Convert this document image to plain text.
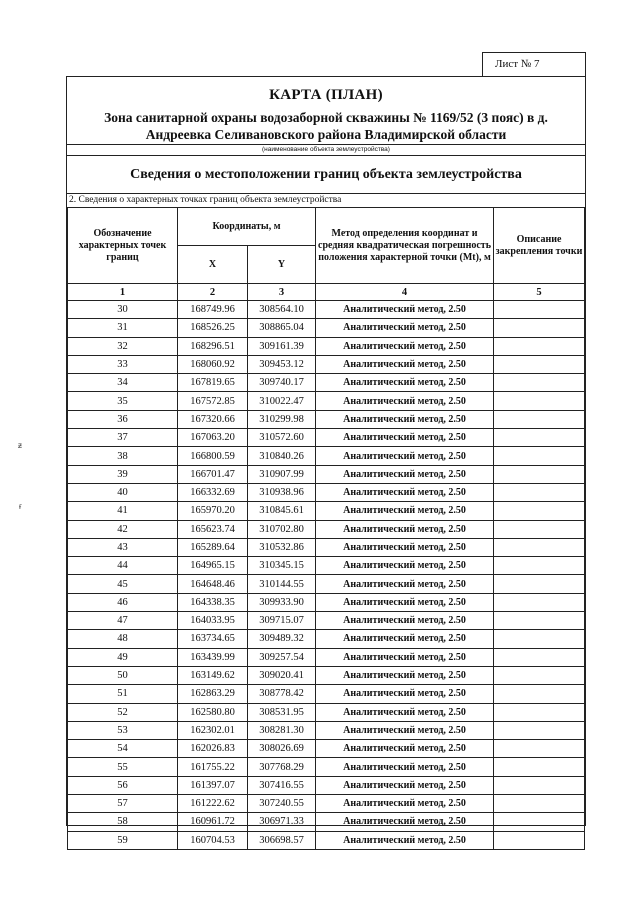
Лист № 7
ƶ
ғ
КАРТА (ПЛАН)
Зона санитарной охраны водозаборной скважины № 1169/52 (3 пояс) в д.
Андреевка Селивановского района Владимирской области
(наименование объекта землеустройства)
Сведения о местоположении границ объекта землеустройства
2. Сведения о характерных точках границ объекта землеустройства
Обозначение характерных точек границ	Координаты, м		Метод определения координат и средняя квадратическая погрешность положения характерной точки (Mt), м	Описание закрепления точки
	X	Y		
1	2	3	4	5
30	168749.96	308564.10	Аналитический метод, 2.50	
31	168526.25	308865.04	Аналитический метод, 2.50	
32	168296.51	309161.39	Аналитический метод, 2.50	
33	168060.92	309453.12	Аналитический метод, 2.50	
34	167819.65	309740.17	Аналитический метод, 2.50	
35	167572.85	310022.47	Аналитический метод, 2.50	
36	167320.66	310299.98	Аналитический метод, 2.50	
37	167063.20	310572.60	Аналитический метод, 2.50	
38	166800.59	310840.26	Аналитический метод, 2.50	
39	166701.47	310907.99	Аналитический метод, 2.50	
40	166332.69	310938.96	Аналитический метод, 2.50	
41	165970.20	310845.61	Аналитический метод, 2.50	
42	165623.74	310702.80	Аналитический метод, 2.50	
43	165289.64	310532.86	Аналитический метод, 2.50	
44	164965.15	310345.15	Аналитический метод, 2.50	
45	164648.46	310144.55	Аналитический метод, 2.50	
46	164338.35	309933.90	Аналитический метод, 2.50	
47	164033.95	309715.07	Аналитический метод, 2.50	
48	163734.65	309489.32	Аналитический метод, 2.50	
49	163439.99	309257.54	Аналитический метод, 2.50	
50	163149.62	309020.41	Аналитический метод, 2.50	
51	162863.29	308778.42	Аналитический метод, 2.50	
52	162580.80	308531.95	Аналитический метод, 2.50	
53	162302.01	308281.30	Аналитический метод, 2.50	
54	162026.83	308026.69	Аналитический метод, 2.50	
55	161755.22	307768.29	Аналитический метод, 2.50	
56	161397.07	307416.55	Аналитический метод, 2.50	
57	161222.62	307240.55	Аналитический метод, 2.50	
58	160961.72	306971.33	Аналитический метод, 2.50	
59	160704.53	306698.57	Аналитический метод, 2.50	
